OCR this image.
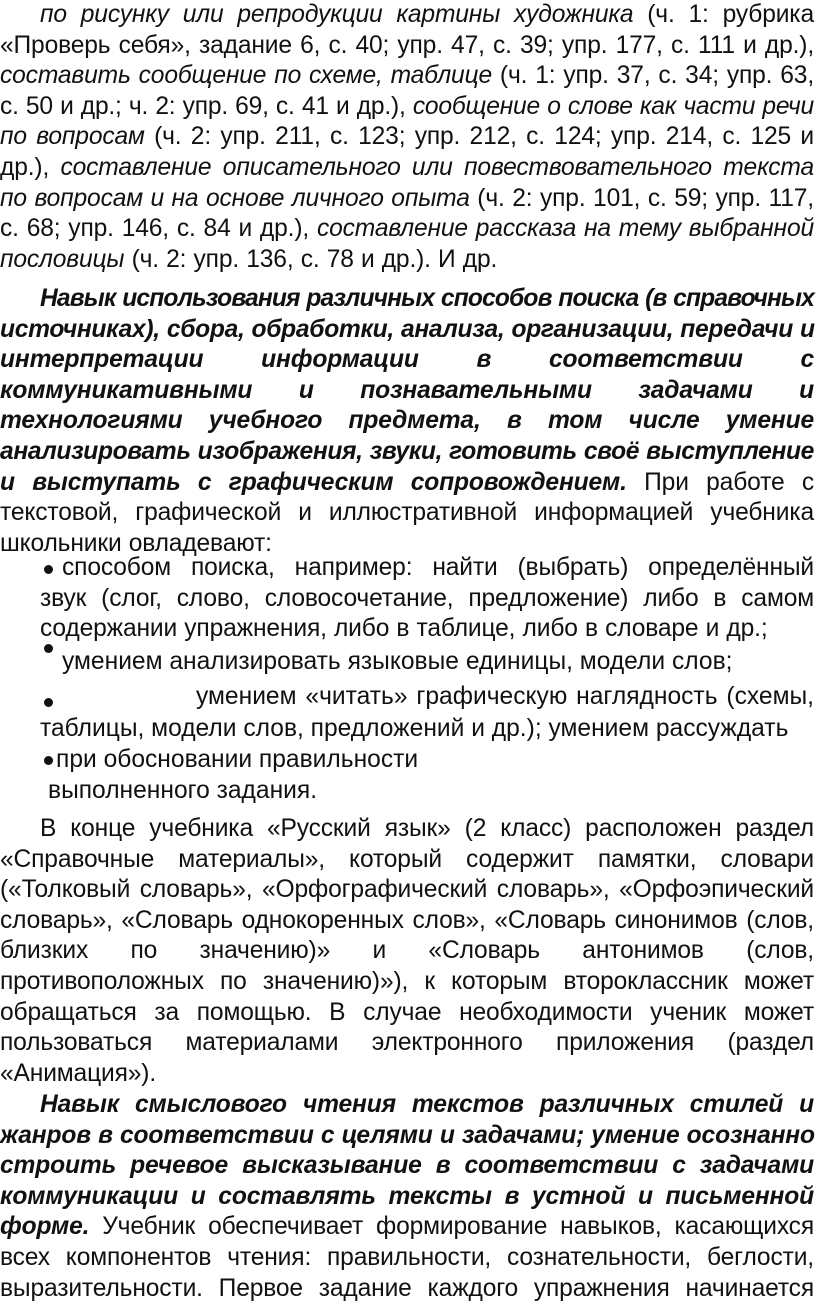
по рисунку или репродукции картины художника (ч. 1: рубрика
«Проверь себя», задание 6, с. 40; упр. 47, с. 39; упр. 177, с. 111 и др.),
составить сообщение по схеме, таблице (ч. 1: упр. 37, с. 34; упр. 63,
с. 50 и др.; ч. 2: упр. 69, с. 41 и др.), сообщение о слове как части речи
по вопросам (ч. 2: упр. 211, с. 123; упр. 212, с. 124; упр. 214, с. 125 и
др.), составление описательного или повествовательного текста
по вопросам и на основе личного опыта (ч. 2: упр. 101, с. 59; упр. 117,
с. 68; упр. 146, с. 84 и др.), составление рассказа на тему выбранной
пословицы (ч. 2: упр. 136, с. 78 и др.). И др.
Навык использования различных способов поиска (в справочных
источниках), сбора, обработки, анализа, организации, передачи и
интерпретации информации в соответствии с
коммуникативными и познавательными задачами и
технологиями учебного предмета, в том числе умение
анализировать изображения, звуки, готовить своё выступление
и выступать с графическим сопровождением. При работе с
текстовой, графической и иллюстративной информацией учебника
школьники овладевают:
способом поиска, например: найти (выбрать) определённый
звук (слог, слово, словосочетание, предложение) либо в самом
содержании упражнения, либо в таблице, либо в словаре и др.;
умением анализировать языковые единицы, модели слов;
умением «читать» графическую наглядность (схемы,
таблицы, модели слов, предложений и др.); умением рассуждать
при обосновании правильности
выполненного задания.
В конце учебника «Русский язык» (2 класс) расположен раздел
«Справочные материалы», который содержит памятки, словари
(«Толковый словарь», «Орфографический словарь», «Орфоэпический
словарь», «Словарь однокоренных слов», «Словарь синонимов (слов,
близких по значению)» и «Словарь антонимов (слов,
противоположных по значению)»), к которым второклассник может
обращаться за помощью. В случае необходимости ученик может
пользоваться материалами электронного приложения (раздел
«Анимация»).
Навык смыслового чтения текстов различных стилей и
жанров в соответствии с целями и задачами; умение осознанно
строить речевое высказывание в соответствии с задачами
коммуникации и составлять тексты в устной и письменной
форме. Учебник обеспечивает формирование навыков, касающихся
всех компонентов чтения: правильности, сознательности, беглости,
выразительности. Первое задание каждого упражнения начинается
